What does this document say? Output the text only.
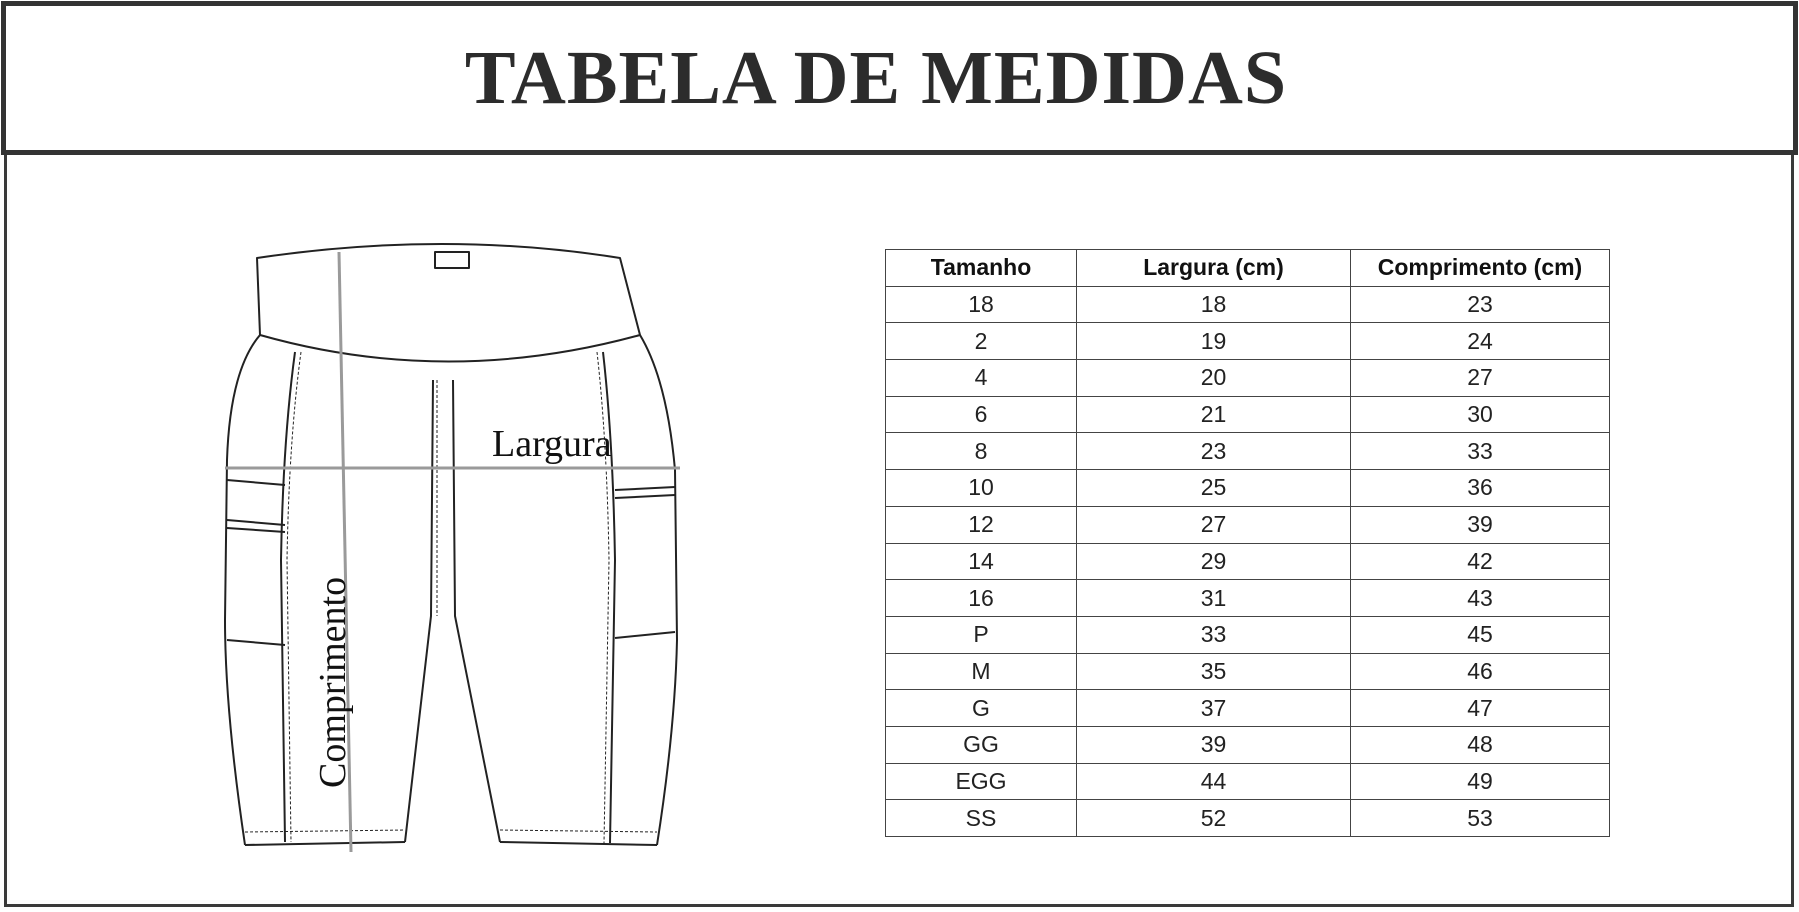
TABELA DE MEDIDAS
Largura
Comprimento
Tamanho	Largura (cm)	Comprimento (cm)
18	18	23
2	19	24
4	20	27
6	21	30
8	23	33
10	25	36
12	27	39
14	29	42
16	31	43
P	33	45
M	35	46
G	37	47
GG	39	48
EGG	44	49
SS	52	53
